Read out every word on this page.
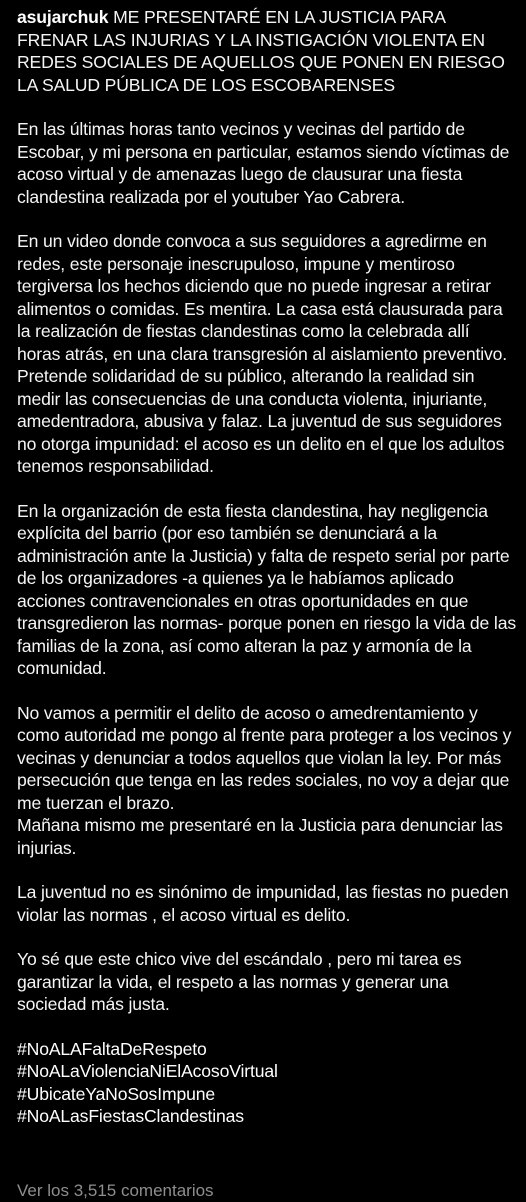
asujarchuk ME PRESENTARÉ EN LA JUSTICIA PARA FRENAR LAS INJURIAS Y LA INSTIGACIÓN VIOLENTA EN REDES SOCIALES DE AQUELLOS QUE PONEN EN RIESGO LA SALUD PÚBLICA DE LOS ESCOBARENSES

En las últimas horas tanto vecinos y vecinas del partido de Escobar, y mi persona en particular, estamos siendo víctimas de acoso virtual y de amenazas luego de clausurar una fiesta clandestina realizada por el youtuber Yao Cabrera.

En un video donde convoca a sus seguidores a agredirme en redes, este personaje inescrupuloso, impune y mentiroso tergiversa los hechos diciendo que no puede ingresar a retirar alimentos o comidas. Es mentira. La casa está clausurada para la realización de fiestas clandestinas como la celebrada allí horas atrás, en una clara transgresión al aislamiento preventivo. Pretende solidaridad de su público, alterando la realidad sin medir las consecuencias de una conducta violenta, injuriante, amedentradora, abusiva y falaz. La juventud de sus seguidores no otorga impunidad: el acoso es un delito en el que los adultos tenemos responsabilidad.

En la organización de esta fiesta clandestina, hay negligencia explícita del barrio (por eso también se denunciará a la administración ante la Justicia) y falta de respeto serial por parte de los organizadores -a quienes ya le habíamos aplicado acciones contravencionales en otras oportunidades en que transgredieron las normas- porque ponen en riesgo la vida de las familias de la zona, así como alteran la paz y armonía de la comunidad.

No vamos a permitir el delito de acoso o amedrentamiento y como autoridad me pongo al frente para proteger a los vecinos y vecinas y denunciar a todos aquellos que violan la ley. Por más persecución que tenga en las redes sociales, no voy a dejar que me tuerzan el brazo.
Mañana mismo me presentaré en la Justicia para denunciar las injurias.

La juventud no es sinónimo de impunidad, las fiestas no pueden violar las normas , el acoso virtual es delito.

Yo sé que este chico vive del escándalo , pero mi tarea es garantizar la vida, el respeto a las normas y generar una sociedad más justa.

#NoALAFaltaDeRespeto
#NoALaViolenciaNiElAcosoVirtual
#UbicateYaNoSosImpune
#NoALasFiestasClandestinas
Ver los 3,515 comentarios
